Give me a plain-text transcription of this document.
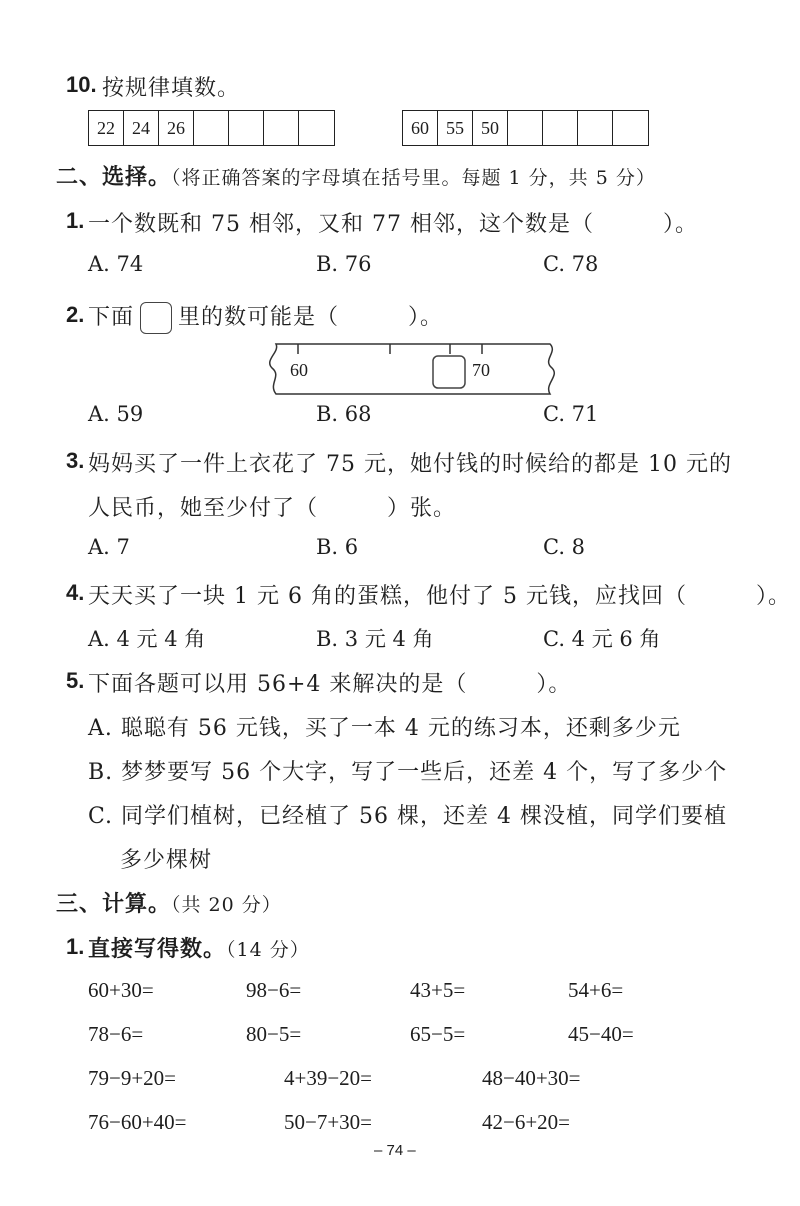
10. 按规律填数。
22 24 26	60 55 50
二、选择。（将正确答案的字母填在括号里。每题 1 分，共 5 分）
1. 一个数既和 75 相邻，又和 77 相邻，这个数是（　　　）。
A. 74	B. 76	C. 78
2. 下面 里的数可能是（　　　）。
60	70
A. 59	B. 68	C. 71
3. 妈妈买了一件上衣花了 75 元，她付钱的时候给的都是 10 元的
人民币，她至少付了（　　　）张。
A. 7	B. 6	C. 8
4. 天天买了一块 1 元 6 角的蛋糕，他付了 5 元钱，应找回（　　　）。
A. 4 元 4 角	B. 3 元 4 角	C. 4 元 6 角
5. 下面各题可以用 56+4 来解决的是（　　　）。
A. 聪聪有 56 元钱，买了一本 4 元的练习本，还剩多少元
B. 梦梦要写 56 个大字，写了一些后，还差 4 个，写了多少个
C. 同学们植树，已经植了 56 棵，还差 4 棵没植，同学们要植
多少棵树
三、计算。（共 20 分）
1. 直接写得数。（14 分）
60+30=	98−6=	43+5=	54+6=
78−6=	80−5=	65−5=	45−40=
79−9+20=	4+39−20=	48−40+30=
76−60+40=	50−7+30=	42−6+20=
– 74 –
